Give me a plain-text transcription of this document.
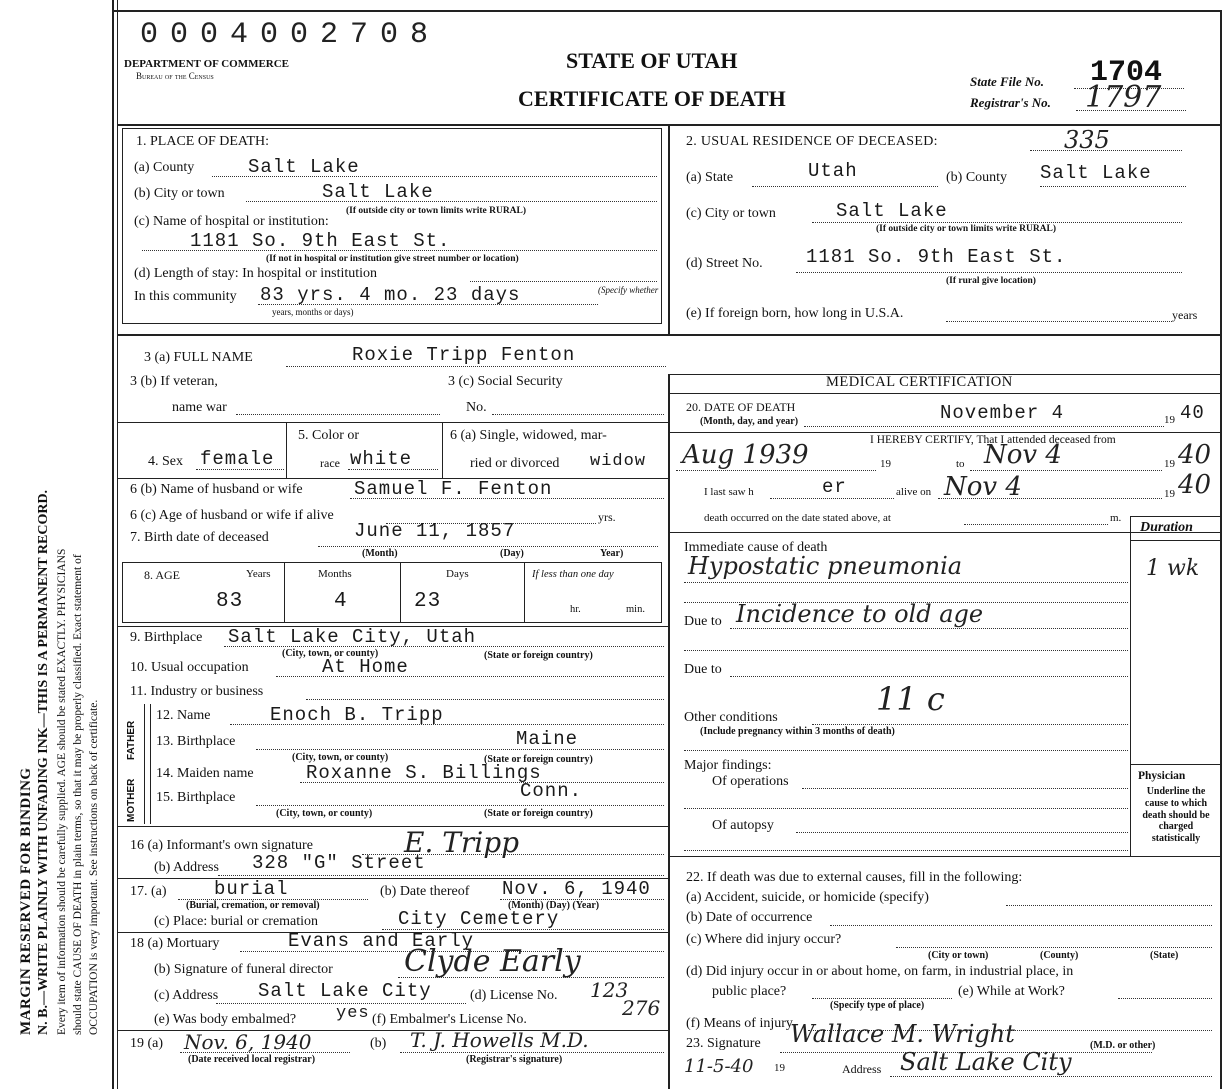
MARGIN RESERVED FOR BINDING N. B.—WRITE PLAINLY WITH UNFADING INK—THIS IS A PERMANENT RECORD. Every item of information should be carefully supplied. AGE should be stated EXACTLY. PHYSICIANS should state CAUSE OF DEATH in plain terms, so that it may be properly classified. Exact statement of OCCUPATION is very important. See instructions on back of certificate.
0004002708
DEPARTMENT OF COMMERCE
Bureau of the Census
STATE OF UTAH
CERTIFICATE OF DEATH
State File No. 1704
Registrar's No. 1797
1. PLACE OF DEATH:
(a) County	Salt Lake
(b) City or town	Salt Lake
(If outside city or town limits write RURAL)
(c) Name of hospital or institution:
1181 So. 9th East St.
(If not in hospital or institution give street number or location)
(d) Length of stay: In hospital or institution
In this community 83 yrs. 4 mo. 23 days	(Specify whether
years, months or days)
2. USUAL RESIDENCE OF DECEASED:	335
(a) State	Utah	(b) County Salt Lake
(c) City or town	Salt Lake
(If outside city or town limits write RURAL)
(d) Street No. 1181 So. 9th East St.
(If rural give location)
(e) If foreign born, how long in U.S.A.	years
3 (a) FULL NAME	Roxie Tripp Fenton
MEDICAL CERTIFICATION
3 (b) If veteran,
name war
3 (c) Social Security
No.
4. Sex female
5. Color or
race white
6 (a) Single, widowed, mar-
ried or divorced widow
6 (b) Name of husband or wife	Samuel F. Fenton
6 (c) Age of husband or wife if alive	yrs.
7. Birth date of deceased	June 11, 1857
(Month)	(Day)	Year)
8. AGE	Years	Months	Days	If less than one day
83	4	23	hr.	min.
9. Birthplace Salt Lake City, Utah
(City, town, or county)	(State or foreign country)
10. Usual occupation	At Home
11. Industry or business
FATHER
MOTHER
12. Name	Enoch B. Tripp
13. Birthplace	Maine
(City, town, or county)	(State or foreign country)
14. Maiden name	Roxanne S. Billings
15. Birthplace	Conn.
(City, town, or county)	(State or foreign country)
16 (a) Informant's own signature	E. Tripp
(b) Address 328 "G" Street
17. (a) burial
(Burial, cremation, or removal)
(b) Date thereof Nov. 6, 1940
(Month) (Day) (Year)
(c) Place: burial or cremation	City Cemetery
18 (a) Mortuary	Evans and Early
(b) Signature of funeral director Clyde Early
(c) Address Salt Lake City	(d) License No. 123
(e) Was body embalmed? yes (f) Embalmer's License No.	276
19 (a) Nov. 6, 1940
(Date received local registrar)
(b) T. J. Howells M.D.
(Registrar's signature)
20. DATE OF DEATH
(Month, day, and year)	November 4	19 40
I HEREBY CERTIFY, That I attended deceased from
Aug 1939	19	to Nov 4	19 40
I last saw h	er	alive on Nov 4	19 40
death occurred on the date stated above, at	m.
Duration
Immediate cause of death
Hypostatic pneumonia	1 wk
Due to Incidence to old age
Due to
11 c
Other conditions
(Include pregnancy within 3 months of death)
Major findings:
Of operations
Of autopsy
Physician
Underline the cause to which death should be charged statistically
22. If death was due to external causes, fill in the following:
(a) Accident, suicide, or homicide (specify)
(b) Date of occurrence
(c) Where did injury occur?
(City or town)	(County)	(State)
(d) Did injury occur in or about home, on farm, in industrial place, in
public place?
(Specify type of place)
(e) While at Work?
(f) Means of injury
23. Signature Wallace M. Wright	(M.D. or other)
11-5-40 19	Address Salt Lake City
